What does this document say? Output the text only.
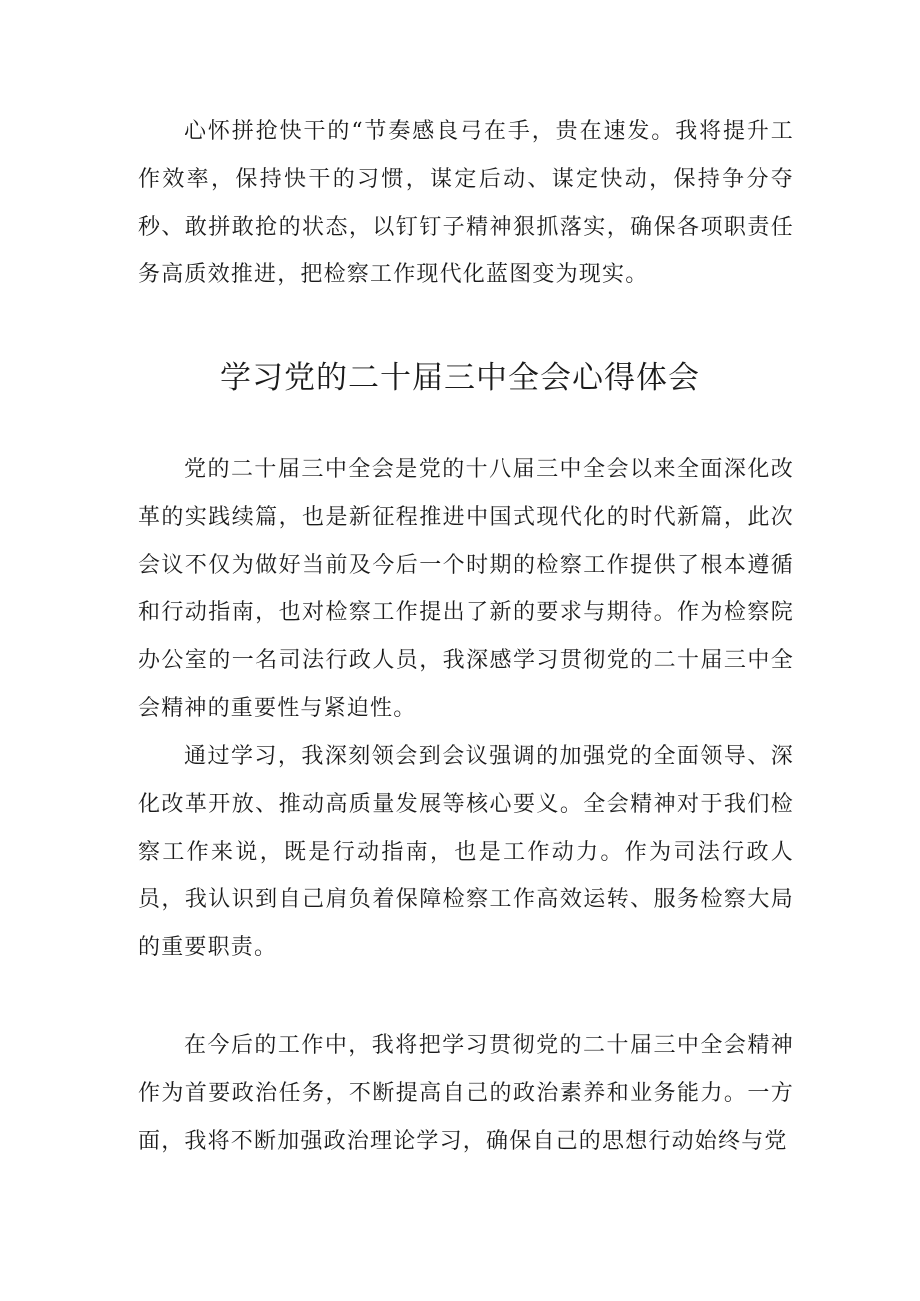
心怀拼抢快干的“节奏感良弓在手，贵在速发。我将提升工作效率，保持快干的习惯，谋定后动、谋定快动，保持争分夺秒、敢拼敢抢的状态，以钉钉子精神狠抓落实，确保各项职责任务高质效推进，把检察工作现代化蓝图变为现实。

学习党的二十届三中全会心得体会

党的二十届三中全会是党的十八届三中全会以来全面深化改革的实践续篇，也是新征程推进中国式现代化的时代新篇，此次会议不仅为做好当前及今后一个时期的检察工作提供了根本遵循和行动指南，也对检察工作提出了新的要求与期待。作为检察院办公室的一名司法行政人员，我深感学习贯彻党的二十届三中全会精神的重要性与紧迫性。

通过学习，我深刻领会到会议强调的加强党的全面领导、深化改革开放、推动高质量发展等核心要义。全会精神对于我们检察工作来说，既是行动指南，也是工作动力。作为司法行政人员，我认识到自己肩负着保障检察工作高效运转、服务检察大局的重要职责。

在今后的工作中，我将把学习贯彻党的二十届三中全会精神作为首要政治任务，不断提高自己的政治素养和业务能力。一方面，我将不断加强政治理论学习，确保自己的思想行动始终与党
